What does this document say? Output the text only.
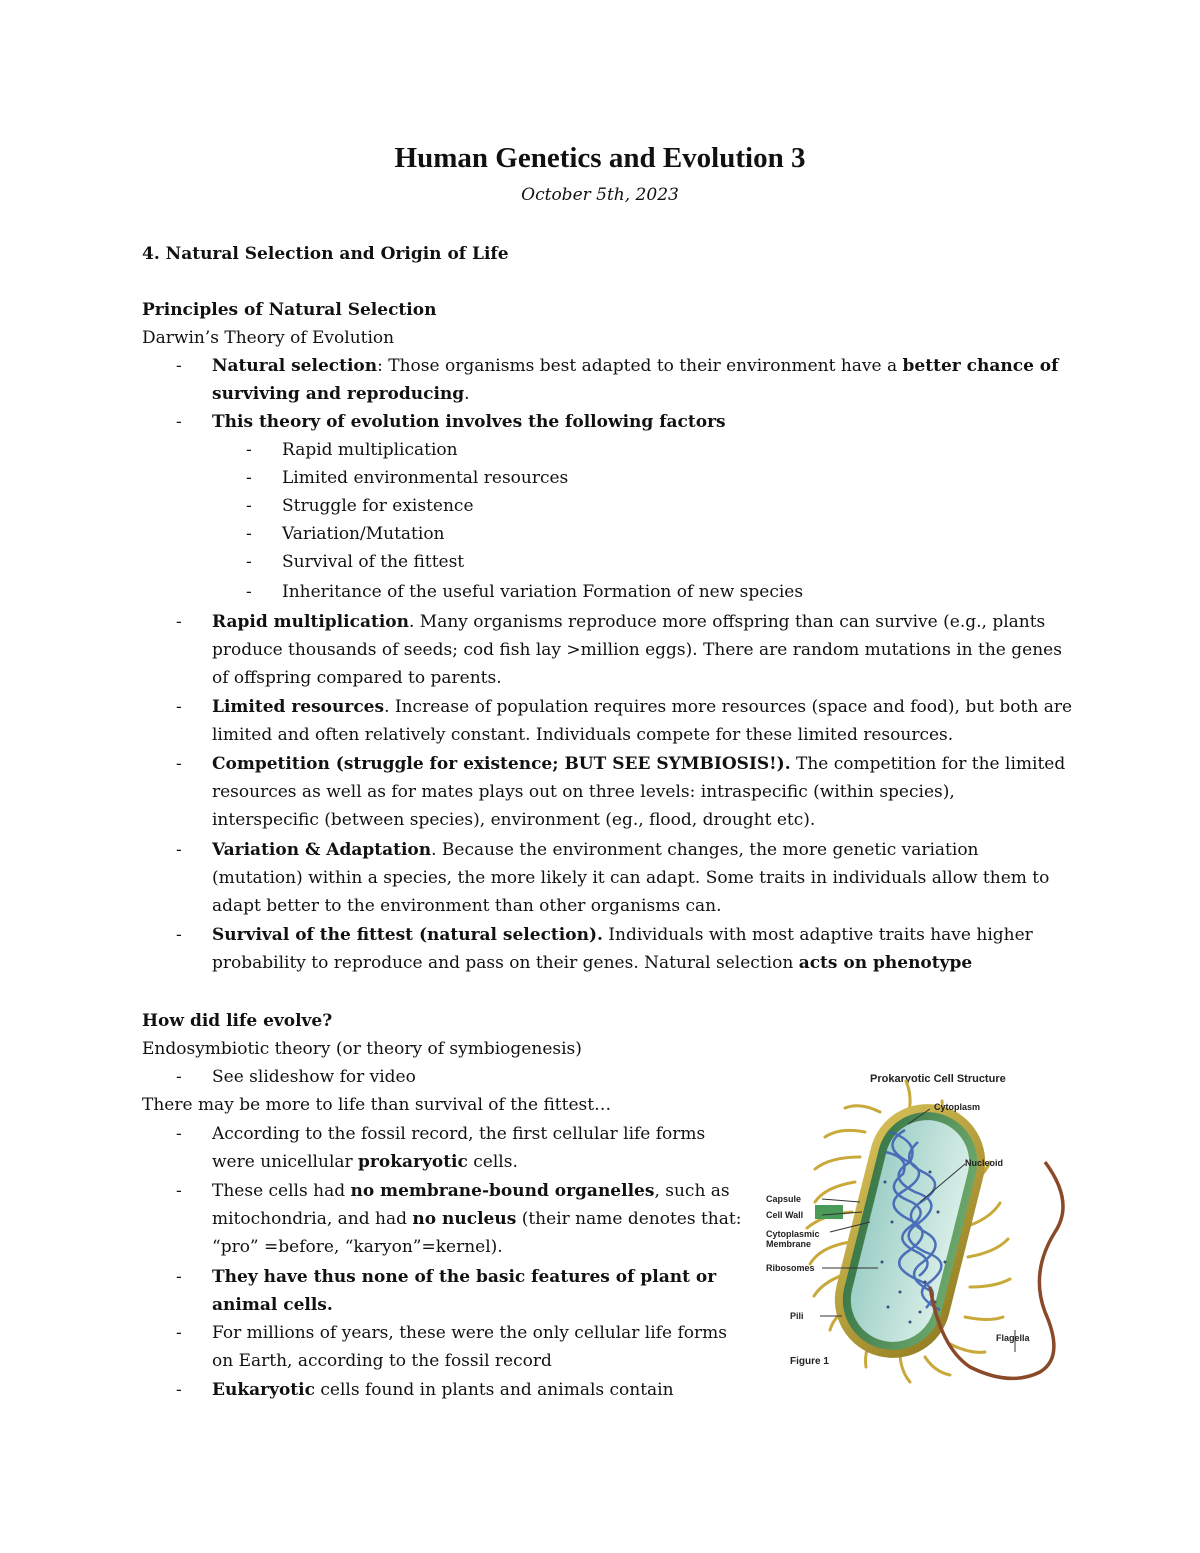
Human Genetics and Evolution 3
October 5th, 2023
4. Natural Selection and Origin of Life
Principles of Natural Selection
Darwin’s Theory of Evolution
- Natural selection: Those organisms best adapted to their environment have a better chance of
surviving and reproducing.
- This theory of evolution involves the following factors
- Rapid multiplication
- Limited environmental resources
- Struggle for existence
- Variation/Mutation
- Survival of the fittest
- Inheritance of the useful variation Formation of new species
- Rapid multiplication. Many organisms reproduce more offspring than can survive (e.g., plants
produce thousands of seeds; cod fish lay >million eggs). There are random mutations in the genes
of offspring compared to parents.
- Limited resources. Increase of population requires more resources (space and food), but both are
limited and often relatively constant. Individuals compete for these limited resources.
- Competition (struggle for existence; BUT SEE SYMBIOSIS!). The competition for the limited
resources as well as for mates plays out on three levels: intraspecific (within species),
interspecific (between species), environment (eg., flood, drought etc).
- Variation & Adaptation. Because the environment changes, the more genetic variation
(mutation) within a species, the more likely it can adapt. Some traits in individuals allow them to
adapt better to the environment than other organisms can.
- Survival of the fittest (natural selection). Individuals with most adaptive traits have higher
probability to reproduce and pass on their genes. Natural selection acts on phenotype
How did life evolve?
Endosymbiotic theory (or theory of symbiogenesis)
- See slideshow for video
There may be more to life than survival of the fittest…
- According to the fossil record, the first cellular life forms
were unicellular prokaryotic cells.
- These cells had no membrane-bound organelles, such as
mitochondria, and had no nucleus (their name denotes that:
“pro” =before, “karyon”=kernel).
- They have thus none of the basic features of plant or
animal cells.
- For millions of years, these were the only cellular life forms
on Earth, according to the fossil record
- Eukaryotic cells found in plants and animals contain
Prokaryotic Cell Structure
Cytoplasm
Nucleoid
Capsule
Cell Wall
Cytoplasmic
Membrane
Ribosomes
Pili
Flagella
Figure 1
